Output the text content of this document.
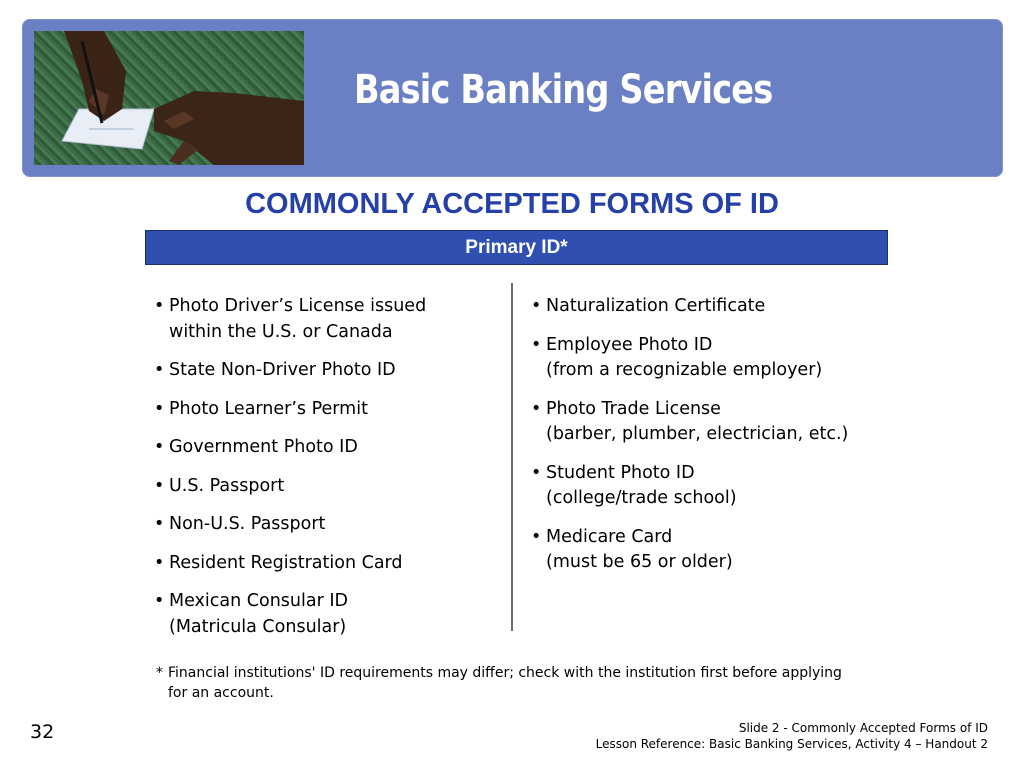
Basic Banking Services
COMMONLY ACCEPTED FORMS OF ID
Primary ID*
• Photo Driver’s License issued
within the U.S. or Canada
• State Non-Driver Photo ID
• Photo Learner’s Permit
• Government Photo ID
• U.S. Passport
• Non-U.S. Passport
• Resident Registration Card
• Mexican Consular ID
(Matricula Consular)
• Naturalization Certificate
• Employee Photo ID
(from a recognizable employer)
• Photo Trade License
(barber, plumber, electrician, etc.)
• Student Photo ID
(college/trade school)
• Medicare Card
(must be 65 or older)
* Financial institutions' ID requirements may differ; check with the institution first before applying for an account.
32	Slide 2 - Commonly Accepted Forms of ID
Lesson Reference: Basic Banking Services, Activity 4 – Handout 2
